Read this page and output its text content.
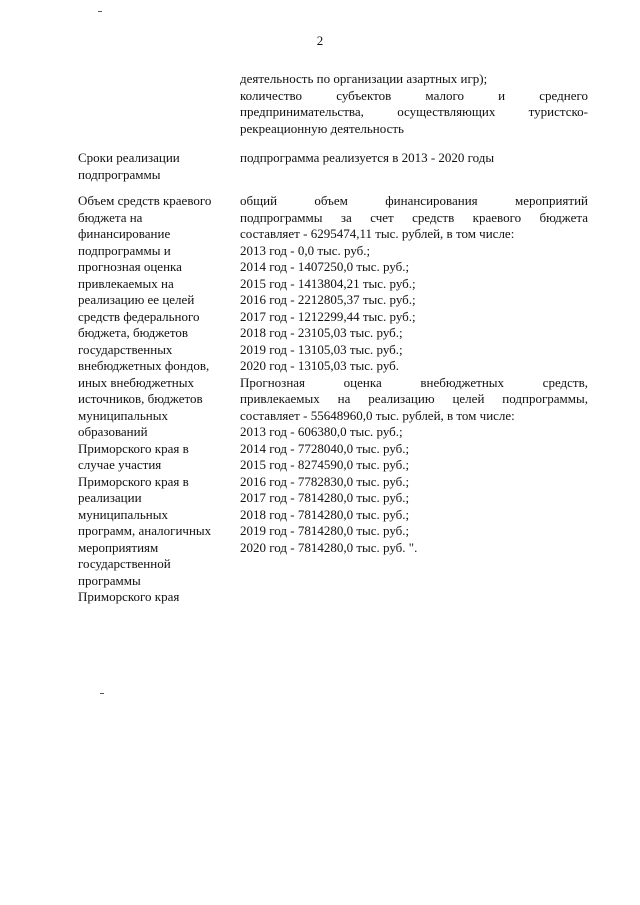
2
деятельность по организации азартных игр);
количество субъектов малого и среднего
предпринимательства, осуществляющих туристско-
рекреационную деятельность
Сроки реализации
подпрограммы
подпрограмма реализуется в 2013 - 2020 годы
Объем средств краевого
бюджета на
финансирование
подпрограммы и
прогнозная оценка
привлекаемых на
реализацию ее целей
средств федерального
бюджета, бюджетов
государственных
внебюджетных фондов,
иных внебюджетных
источников, бюджетов
муниципальных
образований
Приморского края в
случае участия
Приморского края в
реализации
муниципальных
программ, аналогичных
мероприятиям
государственной
программы
Приморского края
общий объем финансирования мероприятий
подпрограммы за счет средств краевого бюджета
составляет - 6295474,11 тыс. рублей, в том числе:
2013 год - 0,0 тыс. руб.;
2014 год - 1407250,0 тыс. руб.;
2015 год - 1413804,21 тыс. руб.;
2016 год - 2212805,37 тыс. руб.;
2017 год - 1212299,44 тыс. руб.;
2018 год - 23105,03 тыс. руб.;
2019 год - 13105,03 тыс. руб.;
2020 год - 13105,03 тыс. руб.
Прогнозная оценка внебюджетных средств,
привлекаемых на реализацию целей подпрограммы,
составляет - 55648960,0 тыс. рублей, в том числе:
2013 год - 606380,0 тыс. руб.;
2014 год - 7728040,0 тыс. руб.;
2015 год - 8274590,0 тыс. руб.;
2016 год - 7782830,0 тыс. руб.;
2017 год - 7814280,0 тыс. руб.;
2018 год - 7814280,0 тыс. руб.;
2019 год - 7814280,0 тыс. руб.;
2020 год - 7814280,0 тыс. руб. ".
